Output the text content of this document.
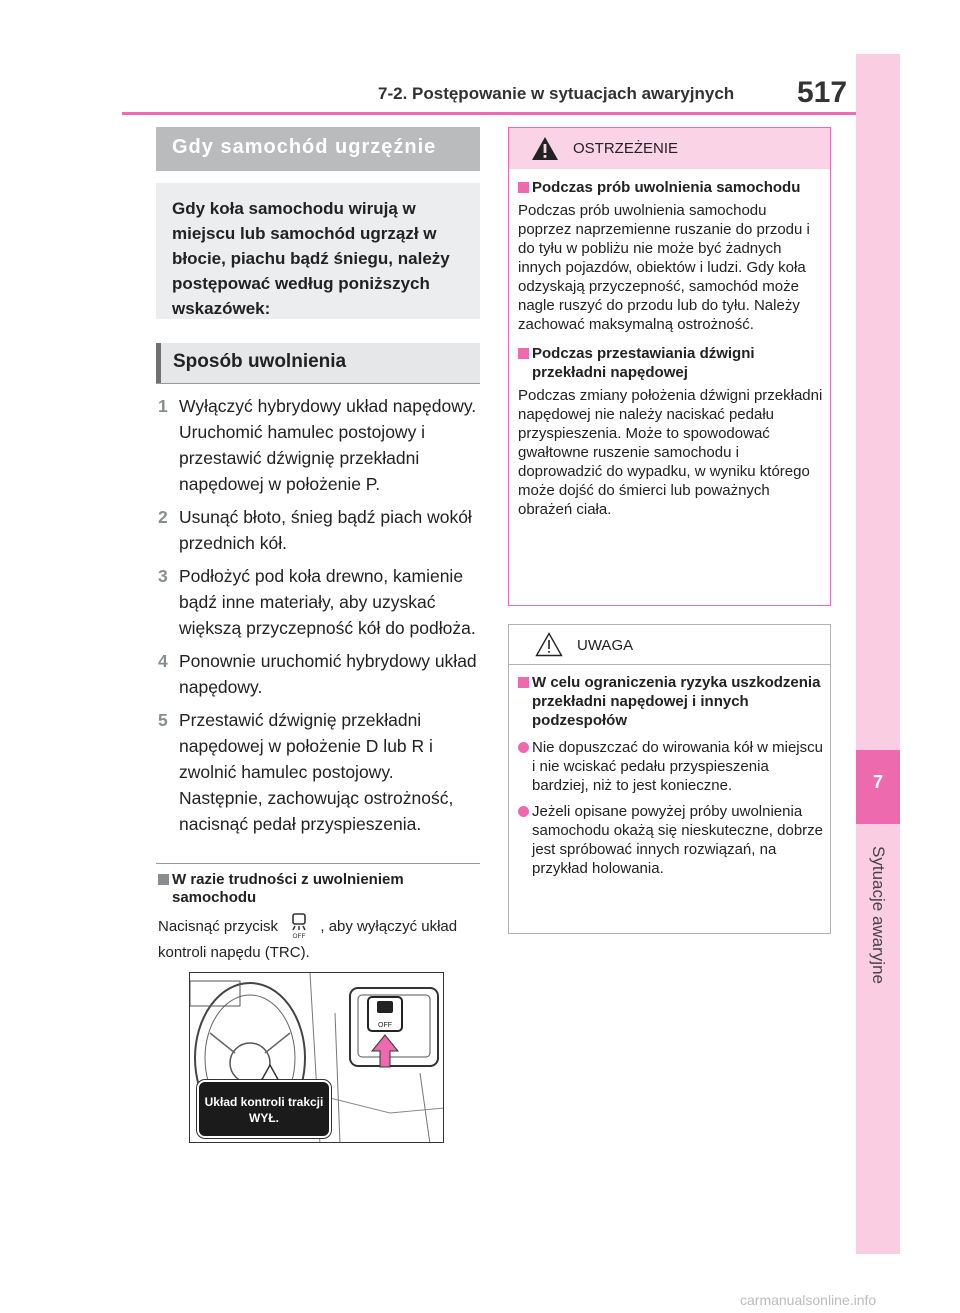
7-2. Postępowanie w sytuacjach awaryjnych 517
7
Sytuacje awaryjne
Gdy samochód ugrzęźnie
Gdy koła samochodu wirują w miejscu lub samochód ugrzązł w błocie, piachu bądź śniegu, należy postępować według poniższych wskazówek:
Sposób uwolnienia
1 Wyłączyć hybrydowy układ napędowy. Uruchomić hamulec postojowy i przestawić dźwignię przekładni napędowej w położenie P.
2 Usunąć błoto, śnieg bądź piach wokół przednich kół.
3 Podłożyć pod koła drewno, kamienie bądź inne materiały, aby uzyskać większą przyczepność kół do podłoża.
4 Ponownie uruchomić hybrydowy układ napędowy.
5 Przestawić dźwignię przekładni napędowej w położenie D lub R i zwolnić hamulec postojowy. Następnie, zachowując ostrożność, nacisnąć pedał przyspieszenia.
W razie trudności z uwolnieniem samochodu
Nacisnąć przycisk
OFF
, aby wyłączyć układ kontroli napędu (TRC).
OFF
Układ kontroli trakcji WYŁ.
OSTRZEŻENIE
Podczas prób uwolnienia samochodu
Podczas prób uwolnienia samochodu poprzez naprzemienne ruszanie do przodu i do tyłu w pobliżu nie może być żadnych innych pojazdów, obiektów i ludzi. Gdy koła odzyskają przyczepność, samochód może nagle ruszyć do przodu lub do tyłu. Należy zachować maksymalną ostrożność.
Podczas przestawiania dźwigni przekładni napędowej
Podczas zmiany położenia dźwigni przekładni napędowej nie należy naciskać pedału przyspieszenia. Może to spowodować gwałtowne ruszenie samochodu i doprowadzić do wypadku, w wyniku którego może dojść do śmierci lub poważnych obrażeń ciała.
UWAGA
W celu ograniczenia ryzyka uszkodzenia przekładni napędowej i innych podzespołów
Nie dopuszczać do wirowania kół w miejscu i nie wciskać pedału przyspieszenia bardziej, niż to jest konieczne.
Jeżeli opisane powyżej próby uwolnienia samochodu okażą się nieskuteczne, dobrze jest spróbować innych rozwiązań, na przykład holowania.
carmanualsonline.info
